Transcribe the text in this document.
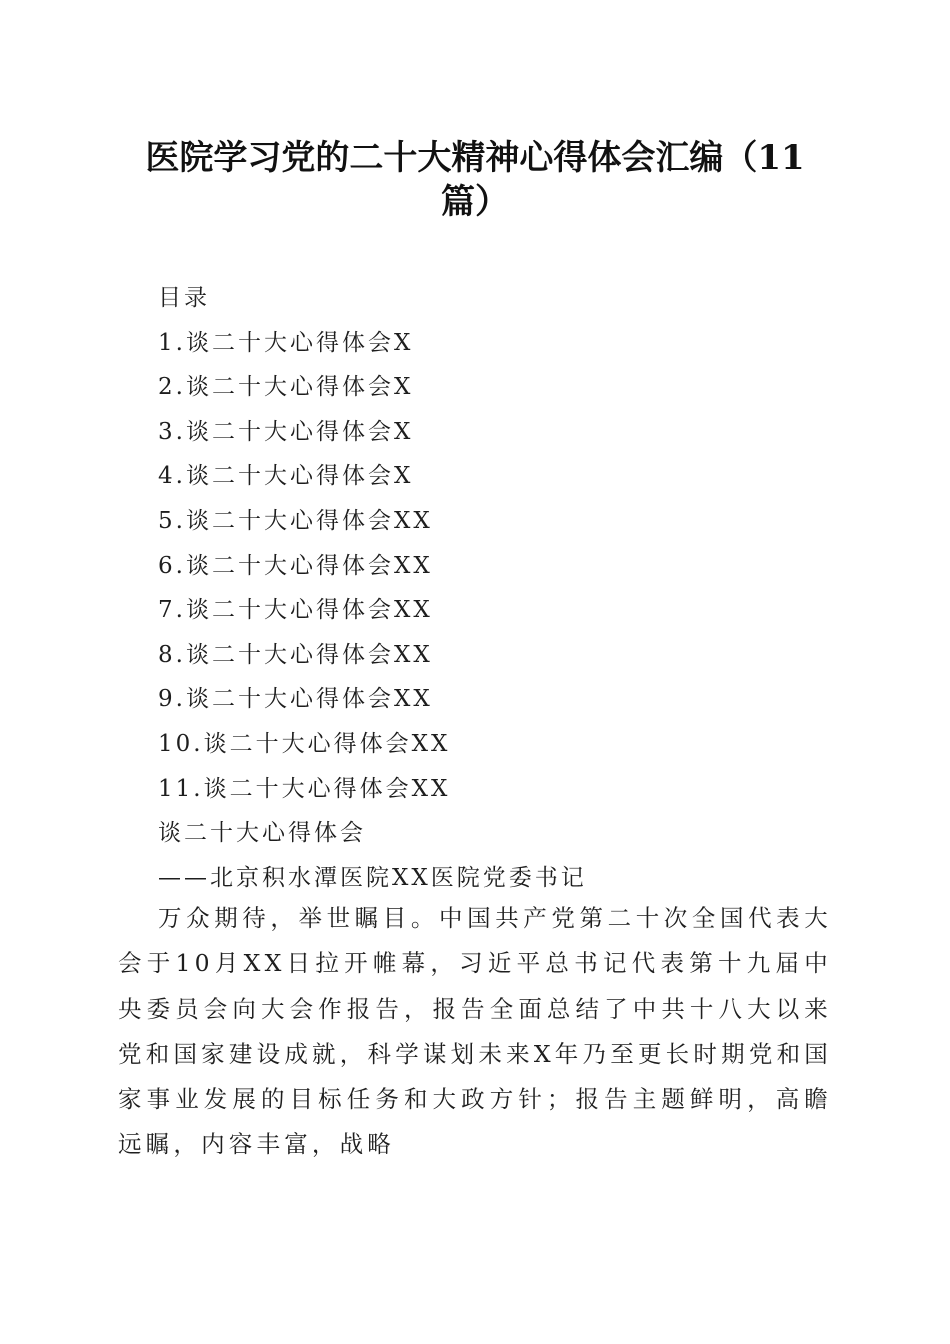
医院学习党的二十大精神心得体会汇编（11
篇）
目录
1.谈二十大心得体会X
2.谈二十大心得体会X
3.谈二十大心得体会X
4.谈二十大心得体会X
5.谈二十大心得体会XX
6.谈二十大心得体会XX
7.谈二十大心得体会XX
8.谈二十大心得体会XX
9.谈二十大心得体会XX
10.谈二十大心得体会XX
11.谈二十大心得体会XX
谈二十大心得体会
——北京积水潭医院XX医院党委书记

万众期待，举世瞩目。中国共产党第二十次全国代表大会于10月XX日拉开帷幕，习近平总书记代表第十九届中央委员会向大会作报告，报告全面总结了中共十八大以来党和国家建设成就，科学谋划未来X年乃至更长时期党和国家事业发展的目标任务和大政方针；报告主题鲜明，高瞻远瞩，内容丰富，战略
